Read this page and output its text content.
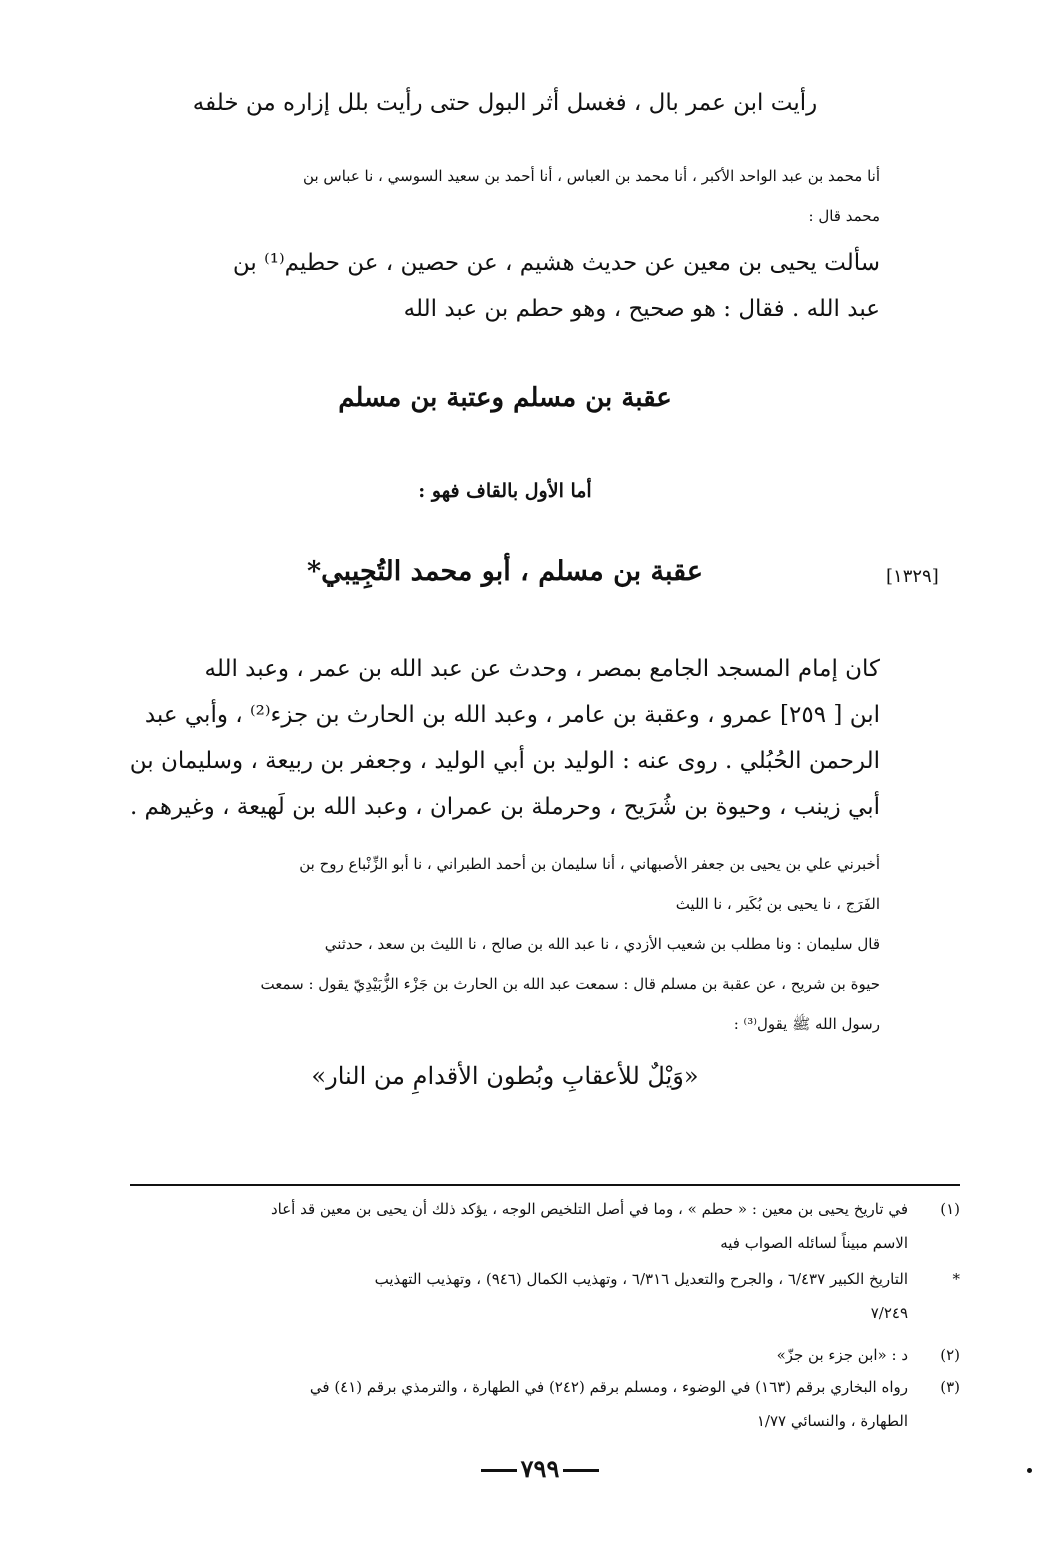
رأيت ابن عمر بال ، فغسل أثر البول حتى رأيت بلل إزاره من خلفه
أنا محمد بن عبد الواحد الأكبر ، أنا محمد بن العباس ، أنا أحمد بن سعيد السوسي ، نا عباس بن
محمد قال :
سألت يحيى بن معين عن حديث هشيم ، عن حصين ، عن حطيم⁽¹⁾ بن
عبد الله . فقال : هو صحيح ، وهو حطم بن عبد الله
عقبة بن مسلم وعتبة بن مسلم
أما الأول بالقاف فهو :
[١٣٢٩]
عقبة بن مسلم ، أبو محمد التُجِيبي*
كان إمام المسجد الجامع بمصر ، وحدث عن عبد الله بن عمر ، وعبد الله
ابن [ ٢٥٩] عمرو ، وعقبة بن عامر ، وعبد الله بن الحارث بن جزء⁽²⁾ ، وأبي عبد
الرحمن الحُبُلي . روى عنه : الوليد بن أبي الوليد ، وجعفر بن ربيعة ، وسليمان بن
أبي زينب ، وحيوة بن شُرَيح ، وحرملة بن عمران ، وعبد الله بن لَهيعة ، وغيرهم .
أخبرني علي بن يحيى بن جعفر الأصبهاني ، أنا سليمان بن أحمد الطبراني ، نا أبو الزِّنْباع روح بن
الفَرَج ، نا يحيى بن بُكَير ، نا الليث
قال سليمان : ونا مطلب بن شعيب الأزدي ، نا عبد الله بن صالح ، نا الليث بن سعد ، حدثني
حيوة بن شريح ، عن عقبة بن مسلم قال : سمعت عبد الله بن الحارث بن جَزْء الزُّبَيْدِيّ يقول : سمعت
رسول الله ﷺ يقول⁽³⁾ :
«وَيْلٌ للأعقابِ وبُطون الأقدامِ من النار»
(١)
في تاريخ يحيى بن معين : « حطم » ، وما في أصل التلخيص الوجه ، يؤكد ذلك أن يحيى بن معين قد أعاد
الاسم مبيناً لسائله الصواب فيه
*
التاريخ الكبير ٦/٤٣٧ ، والجرح والتعديل ٦/٣١٦ ، وتهذيب الكمال (٩٤٦) ، وتهذيب التهذيب
٧/٢٤٩
(٢)
د : «ابن جزء بن جزّ»
(٣)
رواه البخاري برقم (١٦٣) في الوضوء ، ومسلم برقم (٢٤٢) في الطهارة ، والترمذي برقم (٤١) في
الطهارة ، والنسائي ١/٧٧
٧٩٩
